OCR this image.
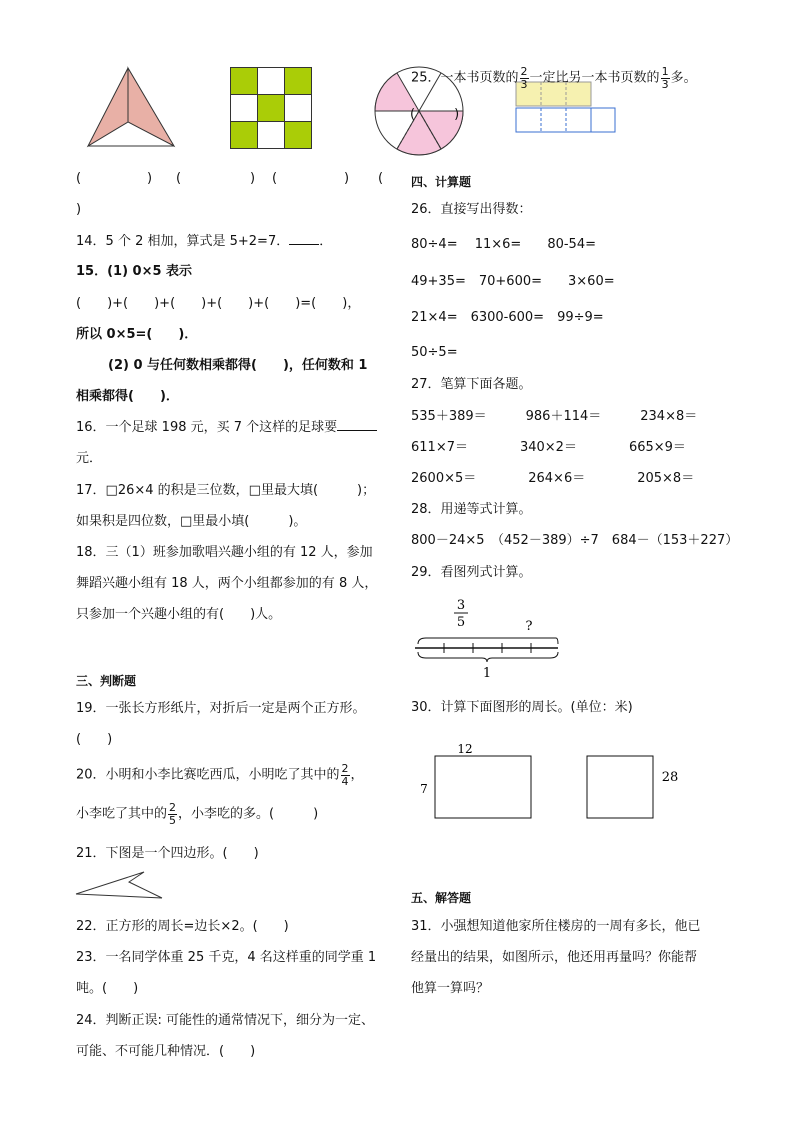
(　　　)
25．一本书页数的 $\frac{2}{3}$ 一定比另一本书页数的 $\frac{1}{3}$ 多。
(	) (	) (	) (
)
14．5 个 2 相加，算式是 5+2=7． ．
15．(1) 0×5 表示
(　　)+(　　)+(　　)+(　　)+(　　)=(　　)，
所以 0×5=(　　)．
(2) 0 与任何数相乘都得(　　)，任何数和 1
相乘都得(　　)．
16．一个足球 198 元，买 7 个这样的足球要
元．
17．□26×4 的积是三位数，□里最大填(　　　)；
如果积是四位数，□里最小填(　　　)。
18．三（1）班参加歌唱兴趣小组的有 12 人，参加
舞蹈兴趣小组有 18 人，两个小组都参加的有 8 人，
只参加一个兴趣小组的有(　　)人。
三、判断题
19．一张长方形纸片，对折后一定是两个正方形。
(　　)
20．小明和小李比赛吃西瓜，小明吃了其中的 $\frac{2}{4}$ ，
小李吃了其中的 $\frac{2}{5}$ ，小李吃的多。(　　　)
21．下图是一个四边形。(　　)
22．正方形的周长=边长×2。(　　)
23．一名同学体重 25 千克，4 名这样重的同学重 1
吨。(　　)
24．判断正误: 可能性的通常情况下，细分为一定、
可能、不可能几种情况．(　　)
四、计算题
26．直接写出得数：
80÷4=　 11×6=　　80-54=
49+35=　70+600=　　3×60=
21×4=　6300-600=　99÷9=
50÷5=
27．笔算下面各题。
535＋389＝　　　986＋114＝　　　234×8＝
611×7＝　　　　340×2＝　　　　665×9＝
2600×5＝　　　　264×6＝　　　　205×8＝
28．用递等式计算。
800－24×5　（452－389）÷7　684－（153＋227）
29．看图列式计算。
3
5	?
1
30．计算下面图形的周长。(单位：米)
12
7
28
五、解答题
31．小强想知道他家所住楼房的一周有多长，他已
经量出的结果，如图所示，他还用再量吗？你能帮
他算一算吗？
